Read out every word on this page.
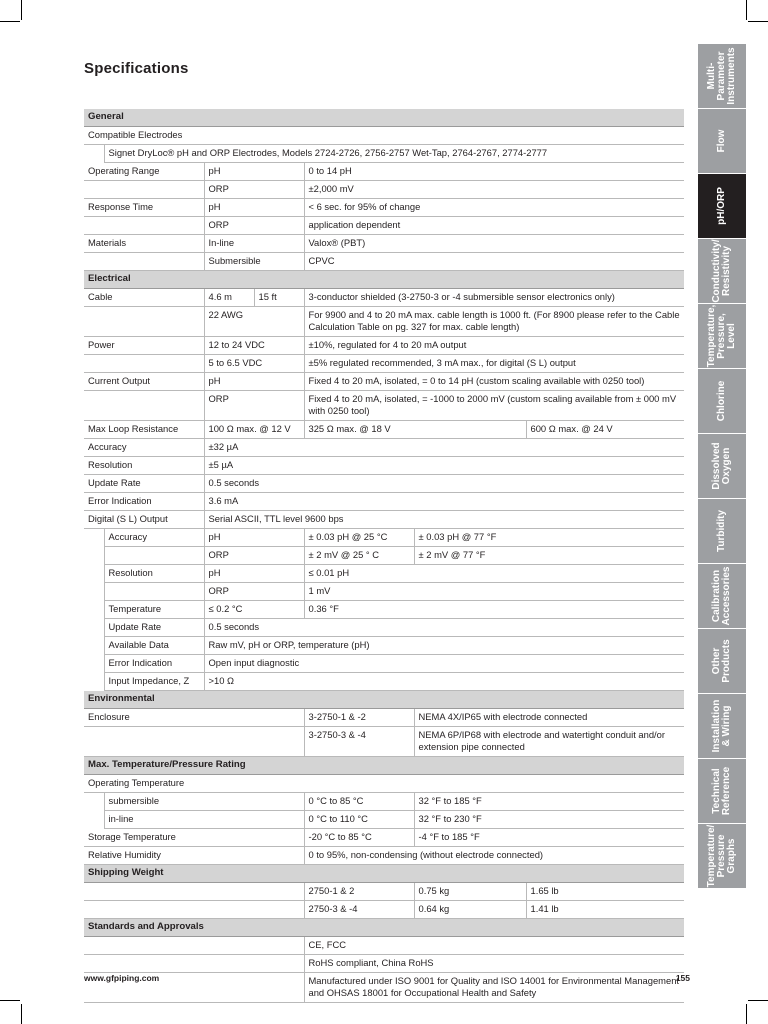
Specifications
General						
Compatible Electrodes						
	Signet DryLoc® pH and ORP Electrodes, Models 2724-2726, 2756-2757 Wet-Tap, 2764-2767, 2774-2777					
Operating Range		pH		0 to 14 pH		
		ORP		±2,000 mV		
Response Time		pH		< 6 sec. for 95% of change		
		ORP		application dependent		
Materials		In-line		Valox® (PBT)		
		Submersible		CPVC		
Electrical						
Cable		4.6 m	15 ft	3-conductor shielded (3-2750-3 or -4 submersible sensor electronics only)		
		22 AWG		For 9900 and 4 to 20 mA max. cable length is 1000 ft. (For 8900 please refer to the Cable Calculation Table on pg. 327 for max. cable length)		
Power		12 to 24 VDC		±10%, regulated for 4 to 20 mA output		
		5 to 6.5 VDC		±5% regulated recommended, 3 mA max., for digital (S L) output		
Current Output		pH		Fixed 4 to 20 mA, isolated, = 0 to 14 pH (custom scaling available with 0250 tool)		
		ORP		Fixed 4 to 20 mA, isolated, = -1000 to 2000 mV (custom scaling available from ± 000 mV with 0250 tool)		
Max Loop Resistance		100 Ω max. @ 12 V		325 Ω max. @ 18 V		600 Ω max. @ 24 V
Accuracy		±32 µA				
Resolution		±5 µA				
Update Rate		0.5 seconds				
Error Indication		3.6 mA				
Digital (S L) Output		Serial ASCII, TTL level 9600 bps				
	Accuracy	pH		± 0.03 pH @ 25 °C	± 0.03 pH @ 77 °F	
		ORP		± 2 mV @ 25 ° C	± 2 mV @ 77 °F	
	Resolution	pH		≤ 0.01 pH		
		ORP		1 mV		
	Temperature	≤ 0.2 °C		0.36 °F		
	Update Rate	0.5 seconds				
	Available Data	Raw mV, pH or ORP, temperature (pH)				
	Error Indication	Open input diagnostic				
	Input Impedance, Z	>10 Ω				
Environmental						
Enclosure				3-2750-1 & -2	NEMA 4X/IP65 with electrode connected	
				3-2750-3 & -4	NEMA 6P/IP68 with electrode and watertight conduit and/or extension pipe connected	
Max. Temperature/Pressure Rating						
Operating Temperature						
	submersible			0 °C to 85 °C	32 °F to 185 °F	
	in-line			0 °C to 110 °C	32 °F to 230 °F	
Storage Temperature				-20 °C to 85 °C	-4 °F to 185 °F	
Relative Humidity				0 to 95%, non-condensing (without electrode connected)		
Shipping Weight						
				2750-1 & 2	0.75 kg	1.65 lb
				2750-3 & -4	0.64 kg	1.41 lb
Standards and Approvals						
				CE, FCC		
				RoHS compliant, China RoHS		
				Manufactured under ISO 9001 for Quality and ISO 14001 for Environmental Management and OHSAS 18001 for Occupational Health and Safety		
Multi-
Parameter
Instruments
Flow
pH/ORP
Conductivity/
Resistivity
Temperature,
Pressure,
Level
Chlorine
Dissolved
Oxygen
Turbidity
Calibration
Accessories
Other
Products
Installation
& Wiring
Technical
Reference
Temperature/
Pressure
Graphs
www.gfpiping.com	155
